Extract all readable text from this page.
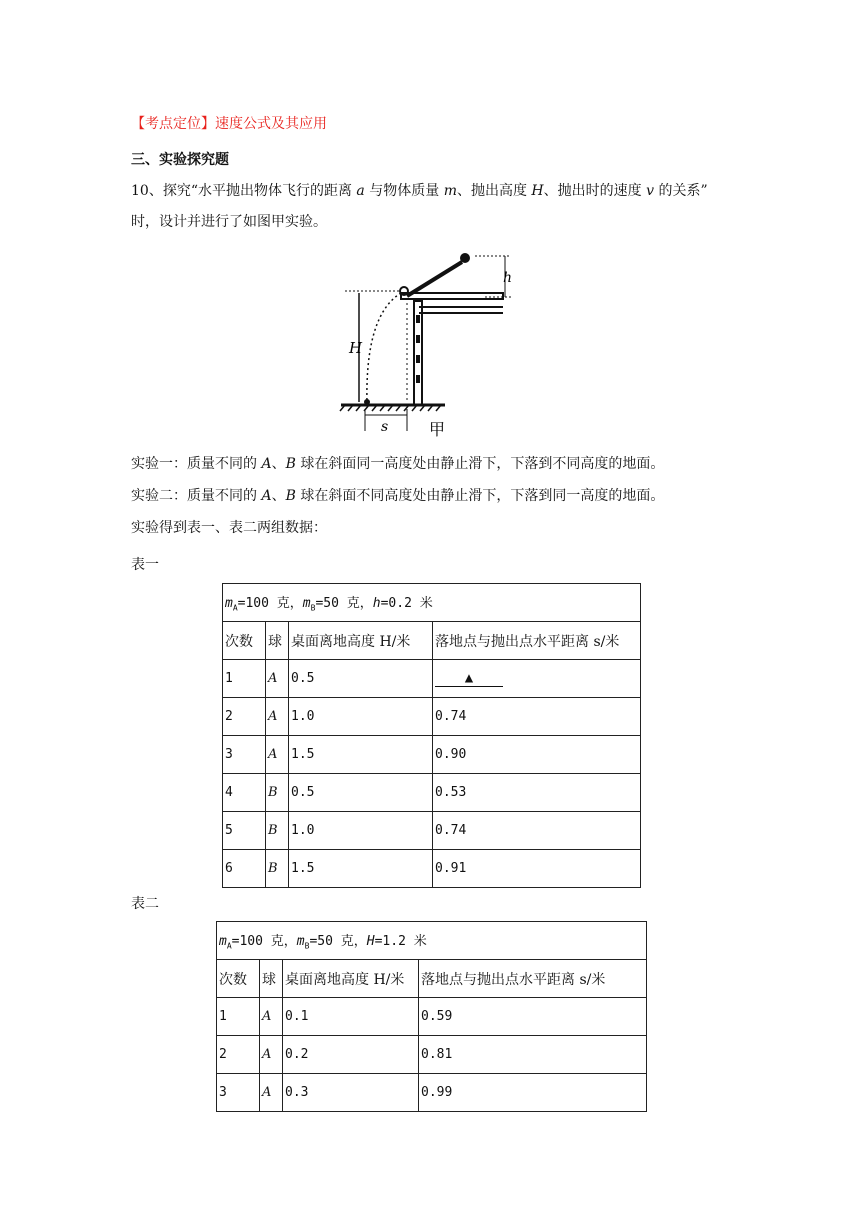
【考点定位】速度公式及其应用
三、实验探究题
10、探究“水平抛出物体飞行的距离 a 与物体质量 m、抛出高度 H、抛出时的速度 v 的关系”
时，设计并进行了如图甲实验。
h
H
s	甲
实验一：质量不同的 A、B 球在斜面同一高度处由静止滑下，下落到不同高度的地面。
实验二：质量不同的 A、B 球在斜面不同高度处由静止滑下，下落到同一高度的地面。
实验得到表一、表二两组数据：
表一
$m_A=100$ 克，$m_B=50$ 克，h=0.2 米			
次数	球	桌面离地高度 H/米	落地点与抛出点水平距离 s/米
1	A	0.5	▲
2	A	1.0	0.74
3	A	1.5	0.90
4	B	0.5	0.53
5	B	1.0	0.74
6	B	1.5	0.91
表二
$m_A=100$ 克，$m_B=50$ 克，H=1.2 米			
次数	球	桌面离地高度 H/米	落地点与抛出点水平距离 s/米
1	A	0.1	0.59
2	A	0.2	0.81
3	A	0.3	0.99
